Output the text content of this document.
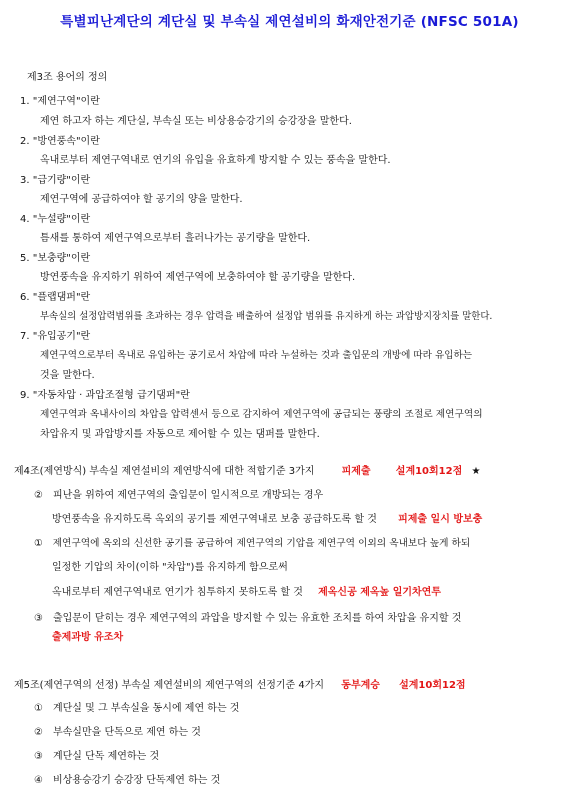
특별피난계단의 계단실 및 부속실 제연설비의 화재안전기준 (NFSC 501A)
제3조 용어의 정의
1. "제연구역"이란
제연 하고자 하는 계단실, 부속실 또는 비상용승강기의 승강장을 말한다.
2. "방연풍속"이란
옥내로부터 제연구역내로 연기의 유입을 유효하게 방지할 수 있는 풍속을 말한다.
3. "급기량"이란
제연구역에 공급하여야 할 공기의 양을 말한다.
4. "누설량"이란
틈새를 통하여 제연구역으로부터 흘러나가는 공기량을 말한다.
5. "보충량"이란
방연풍속을 유지하기 위하여 제연구역에 보충하여야 할 공기량을 말한다.
6. "플랩댐퍼"란
부속실의 설정압력범위를 초과하는 경우 압력을 배출하여 설정압 범위를 유지하게 하는 과압방지장치를 말한다.
7. "유입공기"란
제연구역으로부터 옥내로 유입하는 공기로서 차압에 따라 누설하는 것과 출입문의 개방에 따라 유입하는
것을 말한다.
9. "자동차압 · 과압조절형 급기댐퍼"란
제연구역과 옥내사이의 차압을 압력센서 등으로 감지하여 제연구역에 공급되는 풍량의 조절로 제연구역의
차압유지 및 과압방지를 자동으로 제어할 수 있는 댐퍼를 말한다.
제4조(제연방식) 부속실 제연설비의 제연방식에 대한 적합기준 3가지	피제출	설계10회12점 ★
② 피난을 위하여 제연구역의 출입문이 일시적으로 개방되는 경우
방연풍속을 유지하도록 옥외의 공기를 제연구역내로 보충 공급하도록 할 것 피제출 일시 방보충
① 제연구역에 옥외의 신선한 공기를 공급하여 제연구역의 기압을 제연구역 이외의 옥내보다 높게 하되
일정한 기압의 차이(이하 "차압")를 유지하게 함으로써
옥내로부터 제연구역내로 연기가 침투하지 못하도록 할 것 제옥신공 제옥높 일기차연투
③ 출입문이 닫히는 경우 제연구역의 과압을 방지할 수 있는 유효한 조치를 하여 차압을 유지할 것
출제과방 유조차
제5조(제연구역의 선정) 부속실 제연설비의 제연구역의 선정기준 4가지 동부계승 설계10회12점
① 계단실 및 그 부속실을 동시에 제연 하는 것
② 부속실만을 단독으로 제연 하는 것
③ 계단실 단독 제연하는 것
④ 비상용승강기 승강장 단독제연 하는 것
